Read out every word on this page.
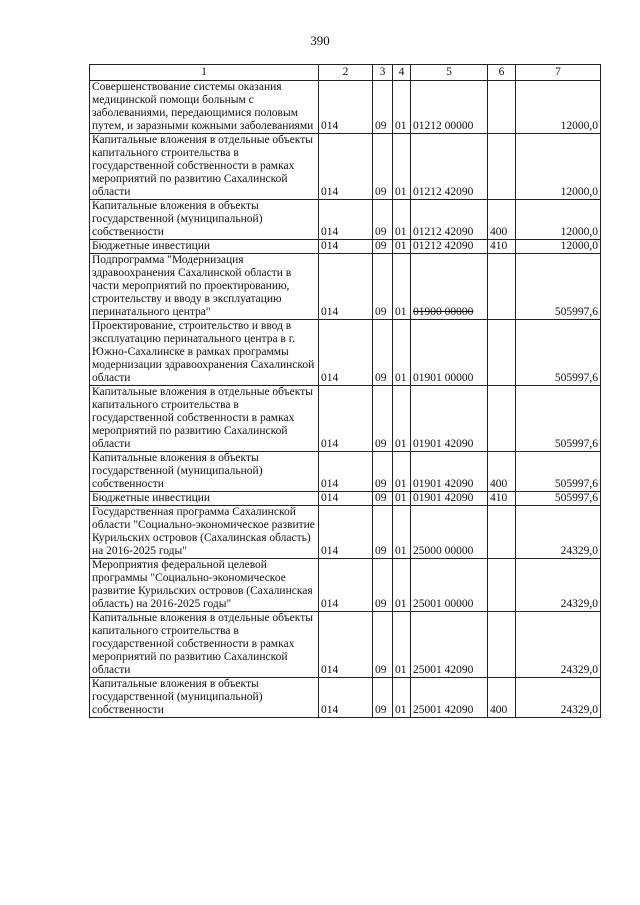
390
1	2	3	4	5	6	7
Совершенствование системы оказания медицинской помощи больным с заболеваниями, передающимися половым путем, и заразными кожными заболеваниями	014	09	01	01212 00000		12000,0
Капитальные вложения в отдельные объекты капитального строительства в государственной собственности в рамках мероприятий по развитию Сахалинской области	014	09	01	01212 42090		12000,0
Капитальные вложения в объекты государственной (муниципальной) собственности	014	09	01	01212 42090	400	12000,0
Бюджетные инвестиции	014	09	01	01212 42090	410	12000,0
Подпрограмма "Модернизация здравоохранения Сахалинской области в части мероприятий по проектированию, строительству и вводу в эксплуатацию перинатального центра"	014	09	01	01900 00000		505997,6
Проектирование, строительство и ввод в эксплуатацию перинатального центра в г. Южно-Сахалинске в рамках программы модернизации здравоохранения Сахалинской области	014	09	01	01901 00000		505997,6
Капитальные вложения в отдельные объекты капитального строительства в государственной собственности в рамках мероприятий по развитию Сахалинской области	014	09	01	01901 42090		505997,6
Капитальные вложения в объекты государственной (муниципальной) собственности	014	09	01	01901 42090	400	505997,6
Бюджетные инвестиции	014	09	01	01901 42090	410	505997,6
Государственная программа Сахалинской области "Социально-экономическое развитие Курильских островов (Сахалинская область) на 2016-2025 годы"	014	09	01	25000 00000		24329,0
Мероприятия федеральной целевой программы "Социально-экономическое развитие Курильских островов (Сахалинская область) на 2016-2025 годы"	014	09	01	25001 00000		24329,0
Капитальные вложения в отдельные объекты капитального строительства в государственной собственности в рамках мероприятий по развитию Сахалинской области	014	09	01	25001 42090		24329,0
Капитальные вложения в объекты государственной (муниципальной) собственности	014	09	01	25001 42090	400	24329,0
